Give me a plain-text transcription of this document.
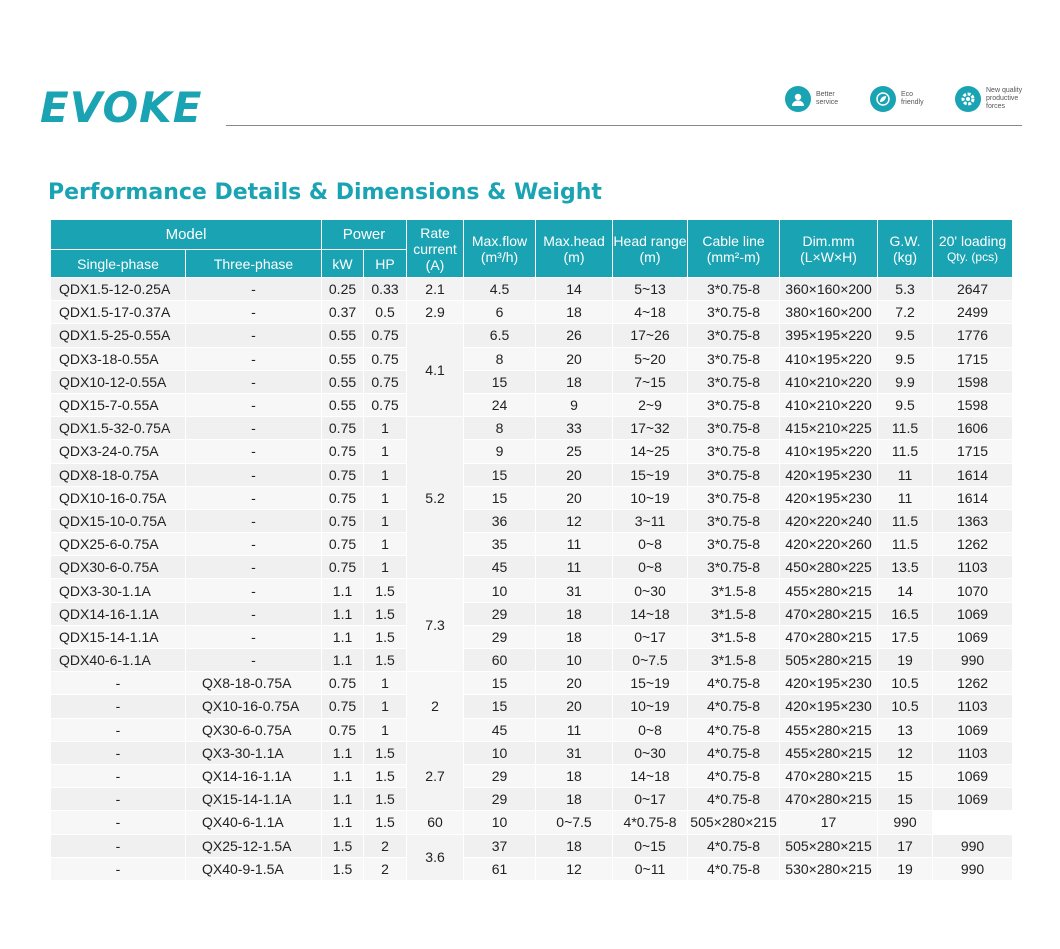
EVOKE	Better
service
Eco
friendly
New quality
productive
forces
Performance Details & Dimensions & Weight
Model		Power		Rate current (A)	Max.flow (m³/h)	Max.head (m)	Head range (m)	Cable line (mm²-m)	Dim.mm (L×W×H)	G.W. (kg)	20' loading
Qty. (pcs)

Single-phase	Three-phase	kW	HP								
QDX1.5-12-0.25A	-	0.25	0.33	2.1	4.5	14	5~13	3*0.75-8	360×160×200	5.3	2647
QDX1.5-17-0.37A	-	0.37	0.5	2.9	6	18	4~18	3*0.75-8	380×160×200	7.2	2499
QDX1.5-25-0.55A	-	0.55	0.75	4.1	6.5	26	17~26	3*0.75-8	395×195×220	9.5	1776
QDX3-18-0.55A	-	0.55	0.75		8	20	5~20	3*0.75-8	410×195×220	9.5	1715
QDX10-12-0.55A	-	0.55	0.75		15	18	7~15	3*0.75-8	410×210×220	9.9	1598
QDX15-7-0.55A	-	0.55	0.75		24	9	2~9	3*0.75-8	410×210×220	9.5	1598
QDX1.5-32-0.75A	-	0.75	1	5.2	8	33	17~32	3*0.75-8	415×210×225	11.5	1606
QDX3-24-0.75A	-	0.75	1		9	25	14~25	3*0.75-8	410×195×220	11.5	1715
QDX8-18-0.75A	-	0.75	1		15	20	15~19	3*0.75-8	420×195×230	11	1614
QDX10-16-0.75A	-	0.75	1		15	20	10~19	3*0.75-8	420×195×230	11	1614
QDX15-10-0.75A	-	0.75	1		36	12	3~11	3*0.75-8	420×220×240	11.5	1363
QDX25-6-0.75A	-	0.75	1		35	11	0~8	3*0.75-8	420×220×260	11.5	1262
QDX30-6-0.75A	-	0.75	1		45	11	0~8	3*0.75-8	450×280×225	13.5	1103
QDX3-30-1.1A	-	1.1	1.5	7.3	10	31	0~30	3*1.5-8	455×280×215	14	1070
QDX14-16-1.1A	-	1.1	1.5		29	18	14~18	3*1.5-8	470×280×215	16.5	1069
QDX15-14-1.1A	-	1.1	1.5		29	18	0~17	3*1.5-8	470×280×215	17.5	1069
QDX40-6-1.1A	-	1.1	1.5		60	10	0~7.5	3*1.5-8	505×280×215	19	990
-	QX8-18-0.75A	0.75	1	2	15	20	15~19	4*0.75-8	420×195×230	10.5	1262
-	QX10-16-0.75A	0.75	1		15	20	10~19	4*0.75-8	420×195×230	10.5	1103
-	QX30-6-0.75A	0.75	1		45	11	0~8	4*0.75-8	455×280×215	13	1069
-	QX3-30-1.1A	1.1	1.5	2.7	10	31	0~30	4*0.75-8	455×280×215	12	1103
-	QX14-16-1.1A	1.1	1.5		29	18	14~18	4*0.75-8	470×280×215	15	1069
-	QX15-14-1.1A	1.1	1.5		29	18	0~17	4*0.75-8	470×280×215	15	1069
-	QX40-6-1.1A	1.1	1.5	60	10	0~7.5	4*0.75-8	505×280×215	17	990	
-	QX25-12-1.5A	1.5	2	3.6	37	18	0~15	4*0.75-8	505×280×215	17	990
-	QX40-9-1.5A	1.5	2		61	12	0~11	4*0.75-8	530×280×215	19	990
